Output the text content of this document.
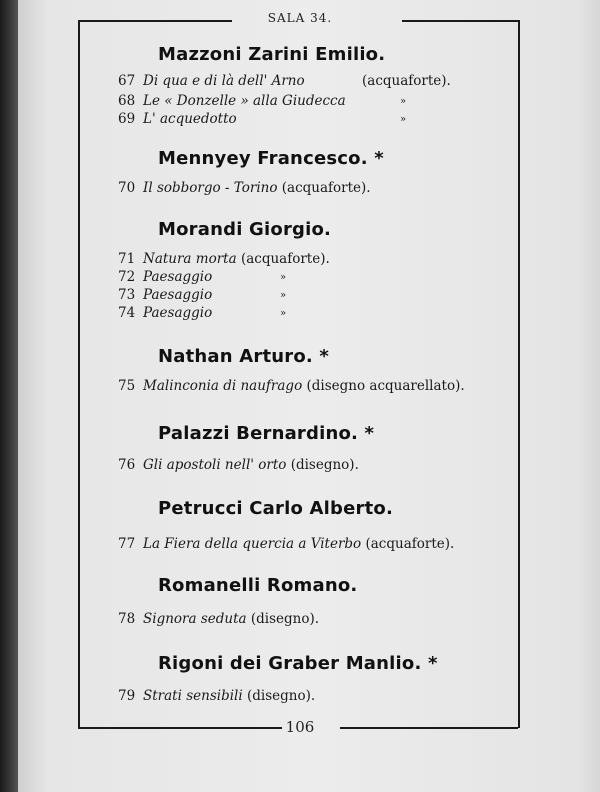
SALA 34.
Mazzoni Zarini Emilio.
67 Di qua e di là dell' Arno	(acquaforte).
68 Le « Donzelle » alla Giudecca	»
69 L' acquedotto	»
Mennyey Francesco. *
70 Il sobborgo - Torino (acquaforte).
Morandi Giorgio.
71 Natura morta (acquaforte).
72 Paesaggio	»
73 Paesaggio	»
74 Paesaggio	»
Nathan Arturo. *
75 Malinconia di naufrago (disegno acquarellato).
Palazzi Bernardino. *
76 Gli apostoli nell' orto (disegno).
Petrucci Carlo Alberto.
77 La Fiera della quercia a Viterbo (acquaforte).
Romanelli Romano.
78 Signora seduta (disegno).
Rigoni dei Graber Manlio. *
79 Strati sensibili (disegno).
106
